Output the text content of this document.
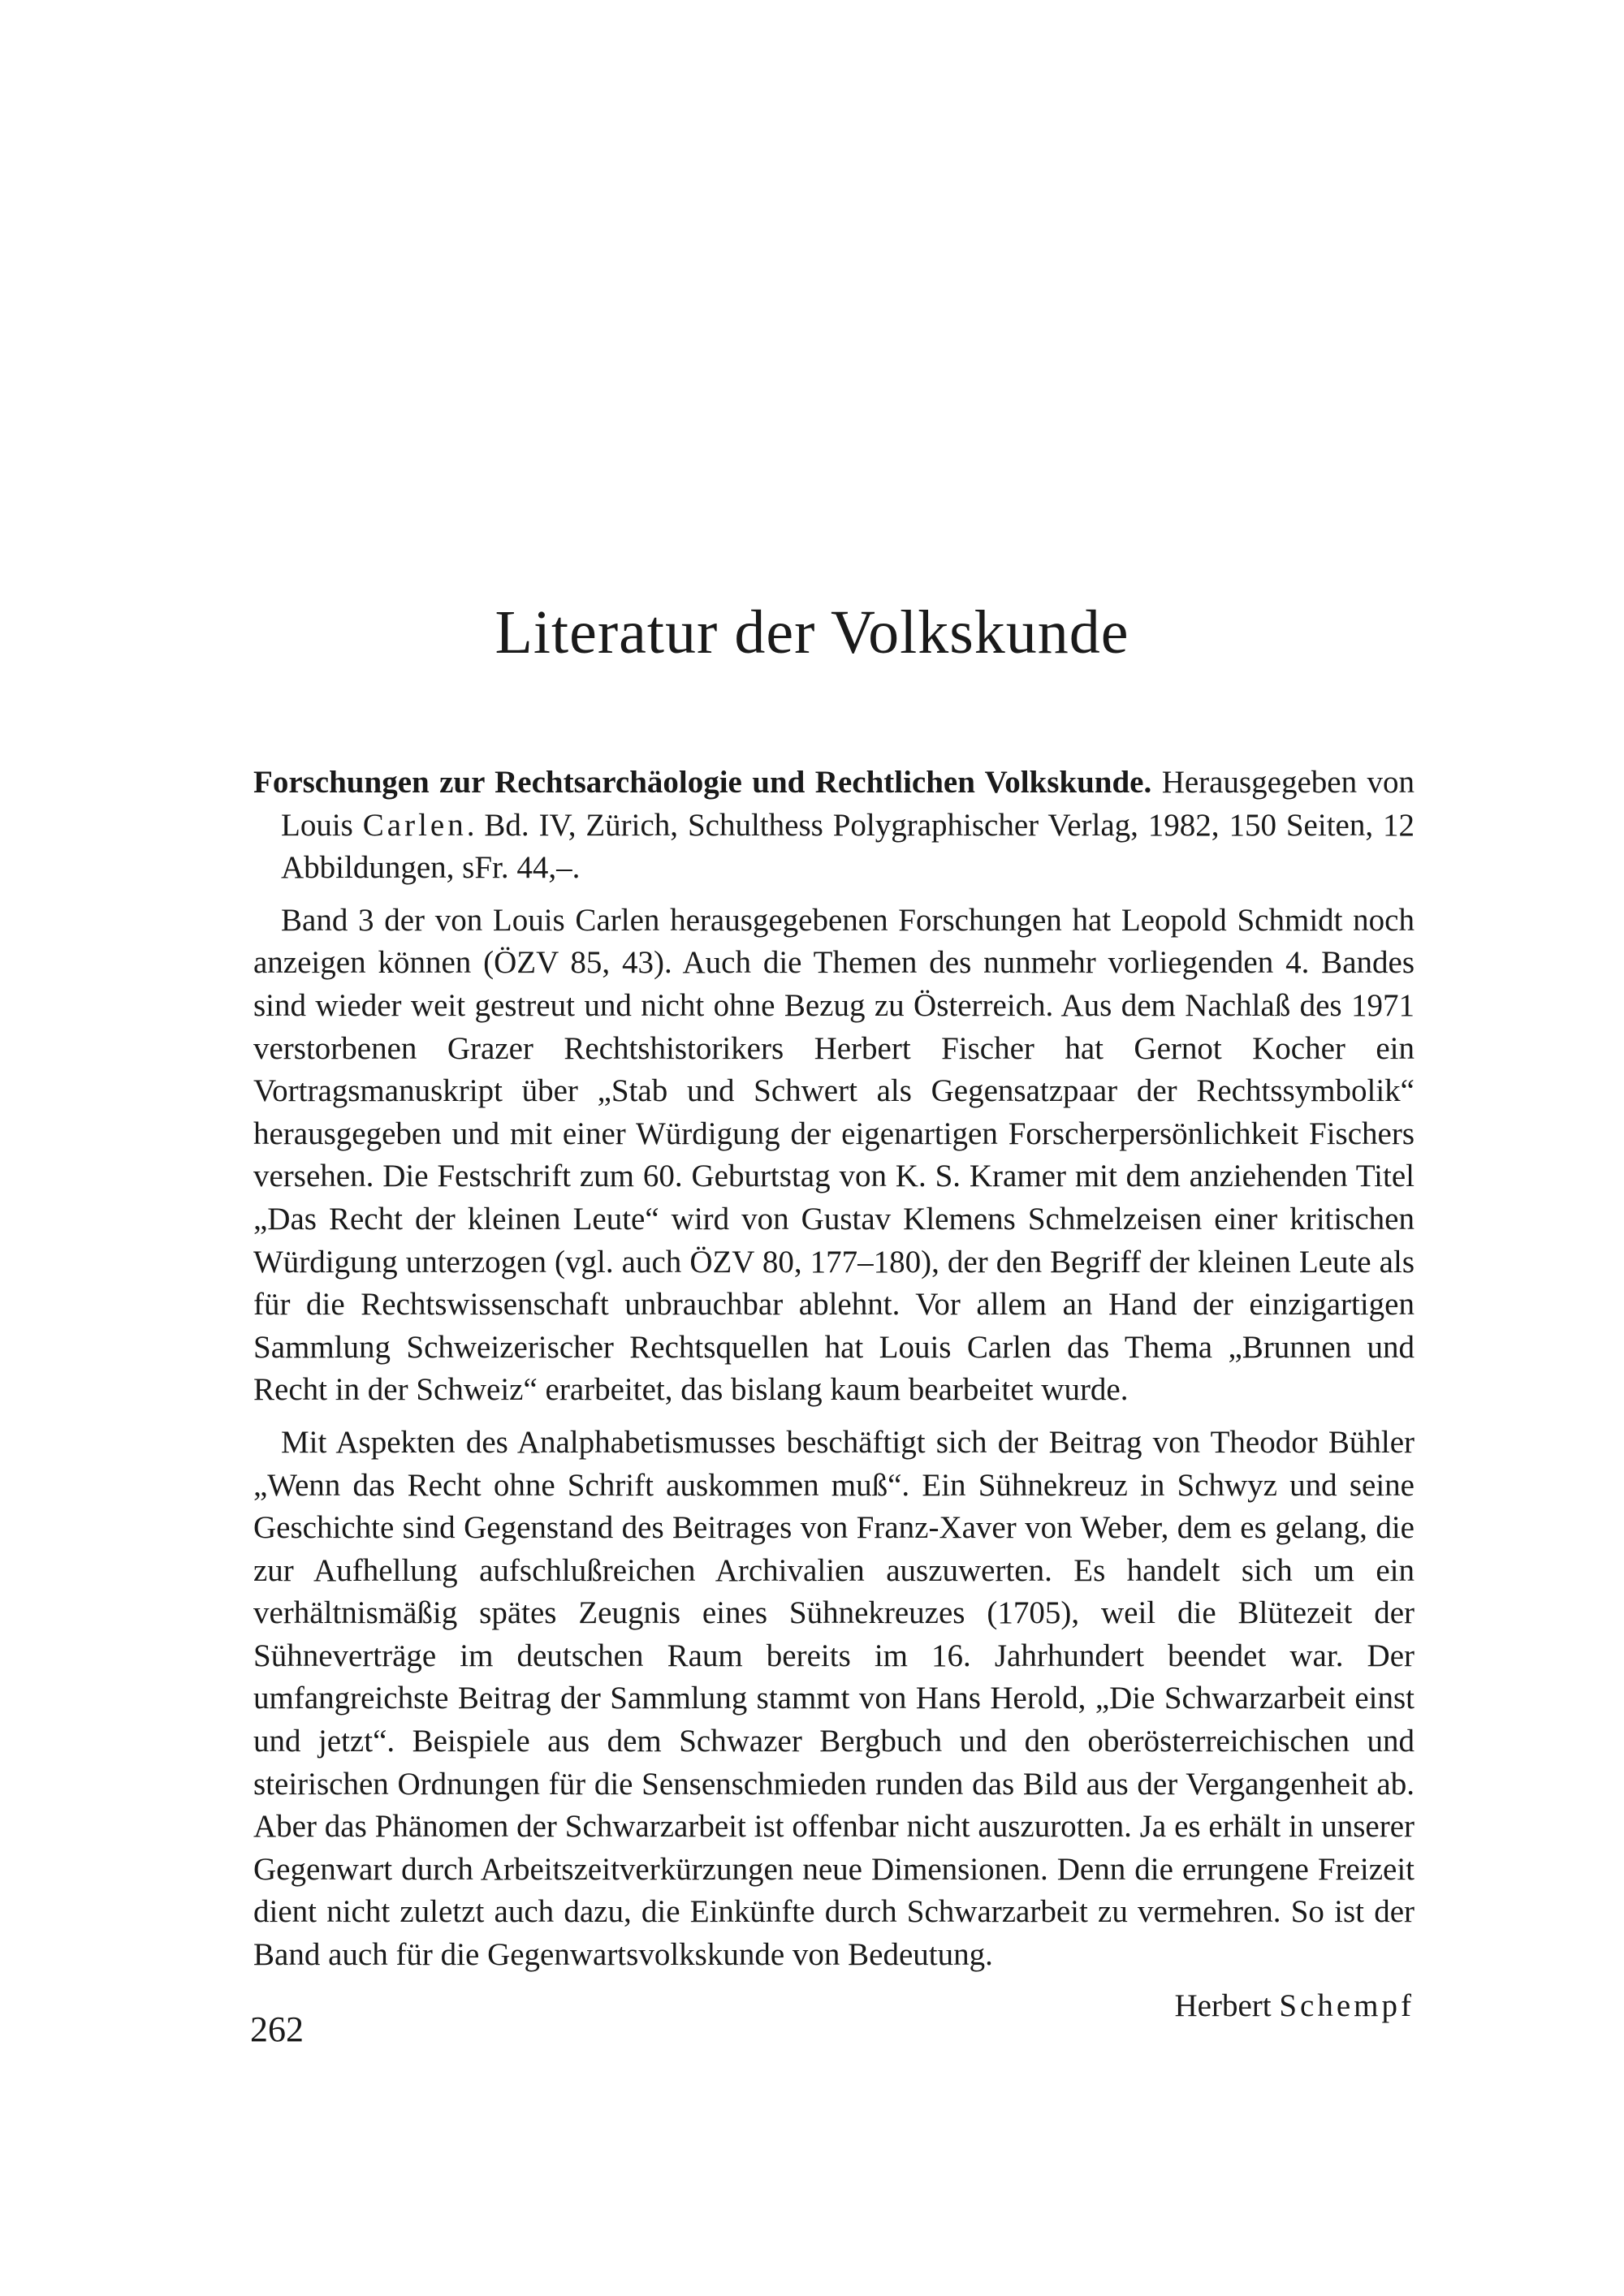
Literatur der Volkskunde

Forschungen zur Rechtsarchäologie und Rechtlichen Volkskunde. Herausgegeben von Louis Carlen. Bd. IV, Zürich, Schulthess Polygraphischer Verlag, 1982, 150 Seiten, 12 Abbildungen, sFr. 44,–.

Band 3 der von Louis Carlen herausgegebenen Forschungen hat Leopold Schmidt noch anzeigen können (ÖZV 85, 43). Auch die Themen des nunmehr vorliegenden 4. Bandes sind wieder weit gestreut und nicht ohne Bezug zu Österreich. Aus dem Nachlaß des 1971 verstorbenen Grazer Rechtshistorikers Herbert Fischer hat Gernot Kocher ein Vortragsmanuskript über „Stab und Schwert als Gegensatzpaar der Rechtssymbolik“ herausgegeben und mit einer Würdigung der eigenartigen Forscherpersönlichkeit Fischers versehen. Die Festschrift zum 60. Geburtstag von K. S. Kramer mit dem anziehenden Titel „Das Recht der kleinen Leute“ wird von Gustav Klemens Schmelzeisen einer kritischen Würdigung unterzogen (vgl. auch ÖZV 80, 177–180), der den Begriff der kleinen Leute als für die Rechtswissenschaft unbrauchbar ablehnt. Vor allem an Hand der einzigartigen Sammlung Schweizerischer Rechtsquellen hat Louis Carlen das Thema „Brunnen und Recht in der Schweiz“ erarbeitet, das bislang kaum bearbeitet wurde.

Mit Aspekten des Analphabetismusses beschäftigt sich der Beitrag von Theodor Bühler „Wenn das Recht ohne Schrift auskommen muß“. Ein Sühnekreuz in Schwyz und seine Geschichte sind Gegenstand des Beitrages von Franz-Xaver von Weber, dem es gelang, die zur Aufhellung aufschlußreichen Archivalien auszuwerten. Es handelt sich um ein verhältnismäßig spätes Zeugnis eines Sühnekreuzes (1705), weil die Blütezeit der Sühneverträge im deutschen Raum bereits im 16. Jahrhundert beendet war. Der umfangreichste Beitrag der Sammlung stammt von Hans Herold, „Die Schwarzarbeit einst und jetzt“. Beispiele aus dem Schwazer Bergbuch und den oberösterreichischen und steirischen Ordnungen für die Sensenschmieden runden das Bild aus der Vergangenheit ab. Aber das Phänomen der Schwarzarbeit ist offenbar nicht auszurotten. Ja es erhält in unserer Gegenwart durch Arbeitszeitverkürzungen neue Dimensionen. Denn die errungene Freizeit dient nicht zuletzt auch dazu, die Einkünfte durch Schwarzarbeit zu vermehren. So ist der Band auch für die Gegenwartsvolkskunde von Bedeutung.

Herbert Schempf

262
